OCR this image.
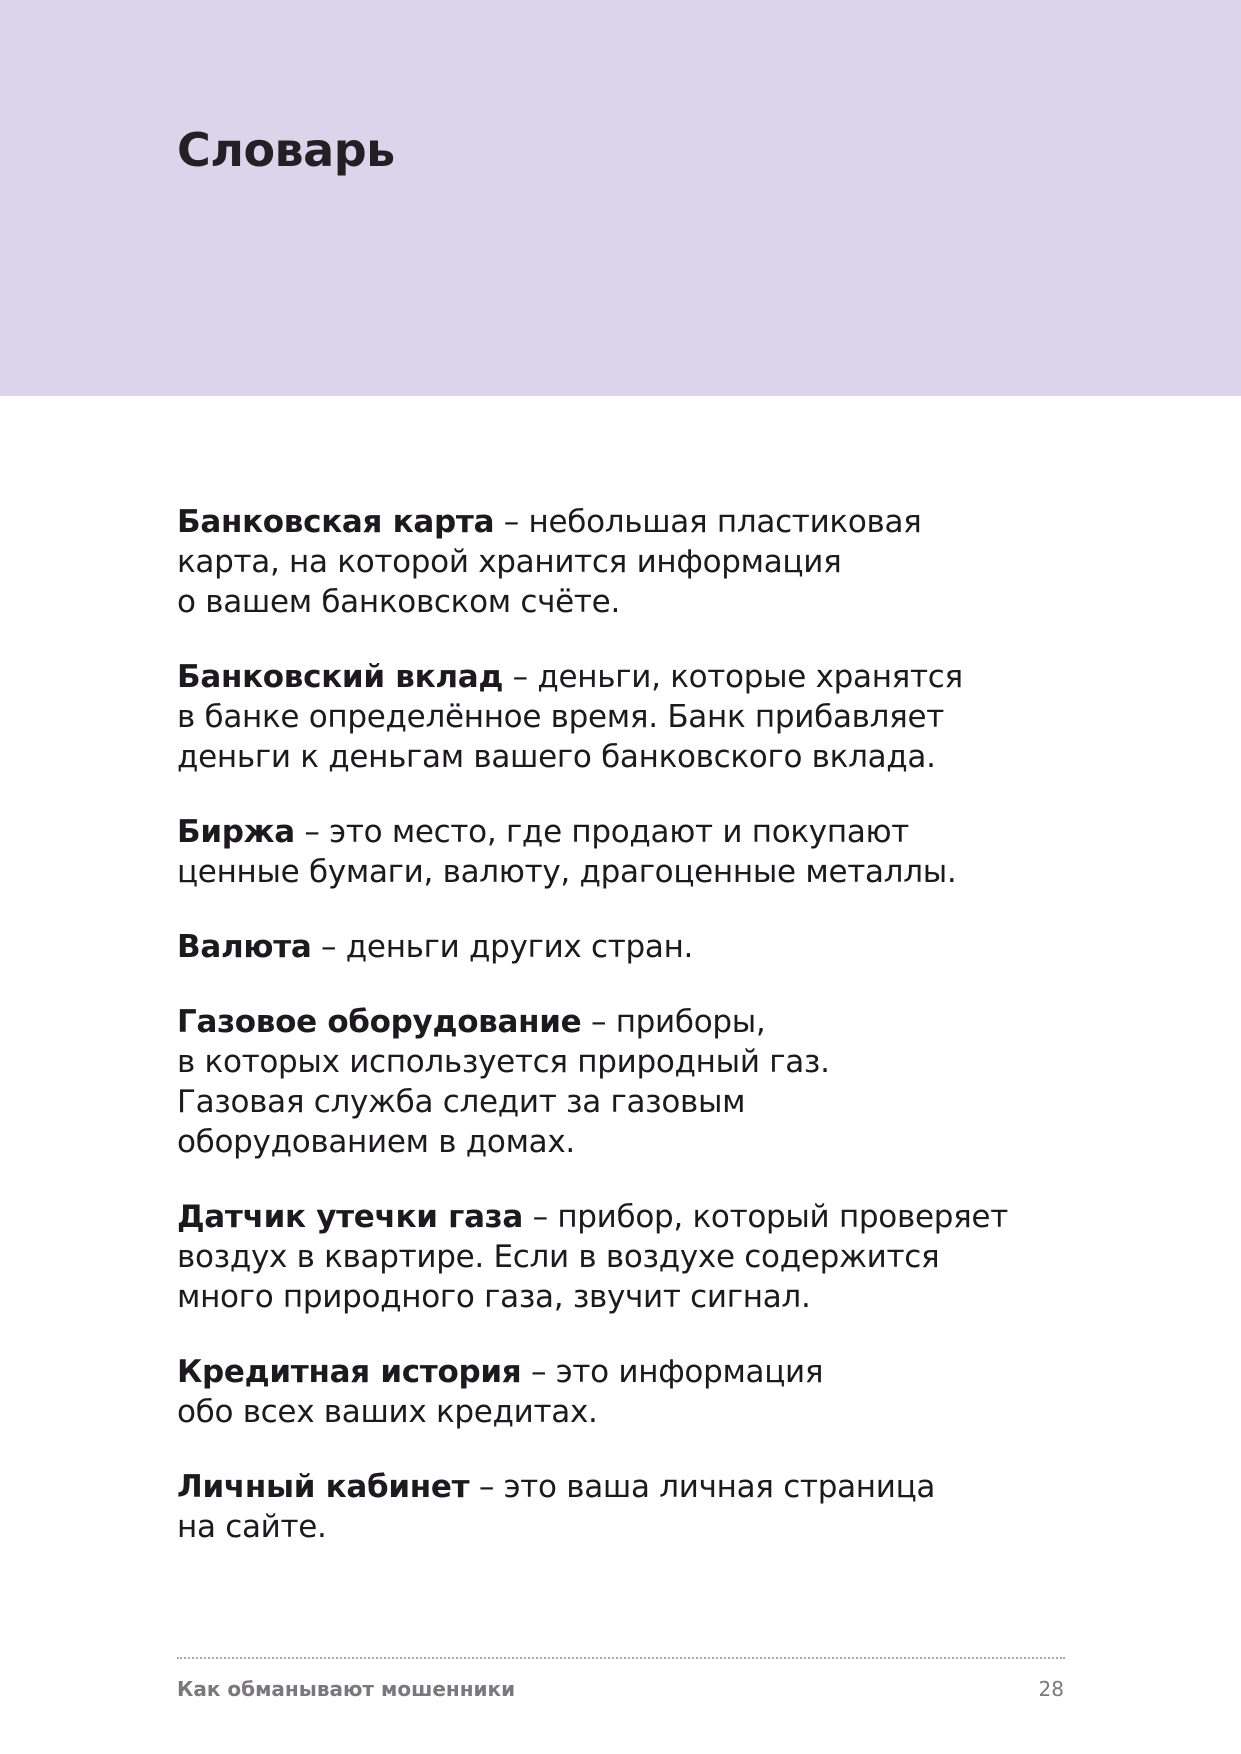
Словарь
Банковская карта – небольшая пластиковая
карта, на которой хранится информация
о вашем банковском счёте.
Банковский вклад – деньги, которые хранятся
в банке определённое время. Банк прибавляет
деньги к деньгам вашего банковского вклада.
Биржа – это место, где продают и покупают
ценные бумаги, валюту, драгоценные металлы.
Валюта – деньги других стран.
Газовое оборудование – приборы,
в которых используется природный газ.
Газовая служба следит за газовым
оборудованием в домах.
Датчик утечки газа – прибор, который проверяет
воздух в квартире. Если в воздухе содержится
много природного газа, звучит сигнал.
Кредитная история – это информация
обо всех ваших кредитах.
Личный кабинет – это ваша личная страница
на сайте.
Как обманывают мошенники	28
